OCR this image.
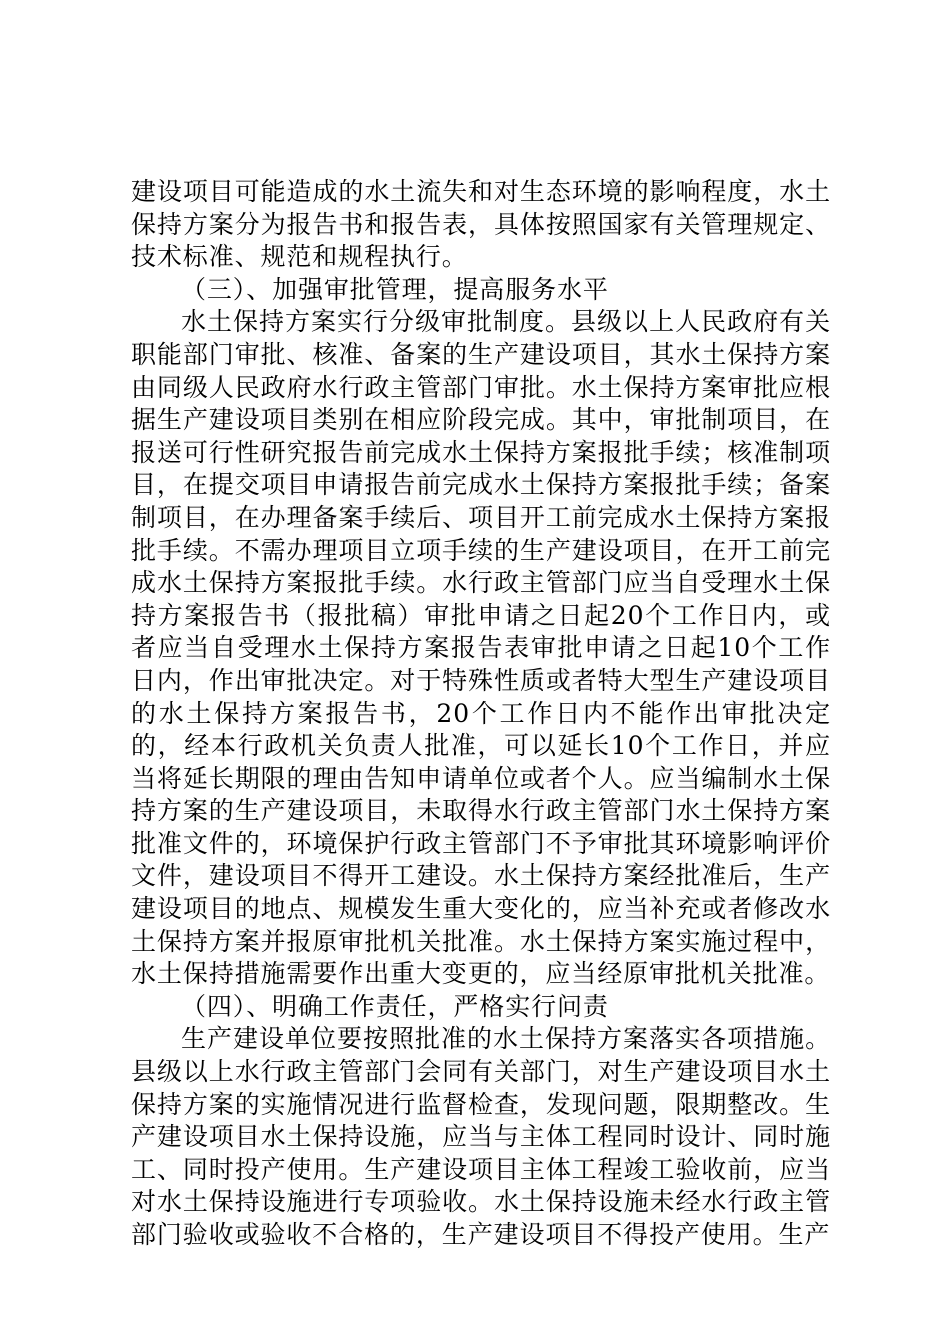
建设项目可能造成的水土流失和对生态环境的影响程度，水土保持方案分为报告书和报告表，具体按照国家有关管理规定、技术标准、规范和规程执行。

（三）、加强审批管理，提高服务水平

水土保持方案实行分级审批制度。县级以上人民政府有关职能部门审批、核准、备案的生产建设项目，其水土保持方案由同级人民政府水行政主管部门审批。水土保持方案审批应根据生产建设项目类别在相应阶段完成。其中，审批制项目，在报送可行性研究报告前完成水土保持方案报批手续；核准制项目，在提交项目申请报告前完成水土保持方案报批手续；备案制项目，在办理备案手续后、项目开工前完成水土保持方案报批手续。不需办理项目立项手续的生产建设项目，在开工前完成水土保持方案报批手续。水行政主管部门应当自受理水土保持方案报告书（报批稿）审批申请之日起20个工作日内，或者应当自受理水土保持方案报告表审批申请之日起10个工作日内，作出审批决定。对于特殊性质或者特大型生产建设项目的水土保持方案报告书，20个工作日内不能作出审批决定的，经本行政机关负责人批准，可以延长10个工作日，并应当将延长期限的理由告知申请单位或者个人。应当编制水土保持方案的生产建设项目，未取得水行政主管部门水土保持方案批准文件的，环境保护行政主管部门不予审批其环境影响评价文件，建设项目不得开工建设。水土保持方案经批准后，生产建设项目的地点、规模发生重大变化的，应当补充或者修改水土保持方案并报原审批机关批准。水土保持方案实施过程中，水土保持措施需要作出重大变更的，应当经原审批机关批准。

（四）、明确工作责任，严格实行问责

生产建设单位要按照批准的水土保持方案落实各项措施。县级以上水行政主管部门会同有关部门，对生产建设项目水土保持方案的实施情况进行监督检查，发现问题，限期整改。生产建设项目水土保持设施，应当与主体工程同时设计、同时施工、同时投产使用。生产建设项目主体工程竣工验收前，应当对水土保持设施进行专项验收。水土保持设施未经水行政主管部门验收或验收不合格的，生产建设项目不得投产使用。生产
